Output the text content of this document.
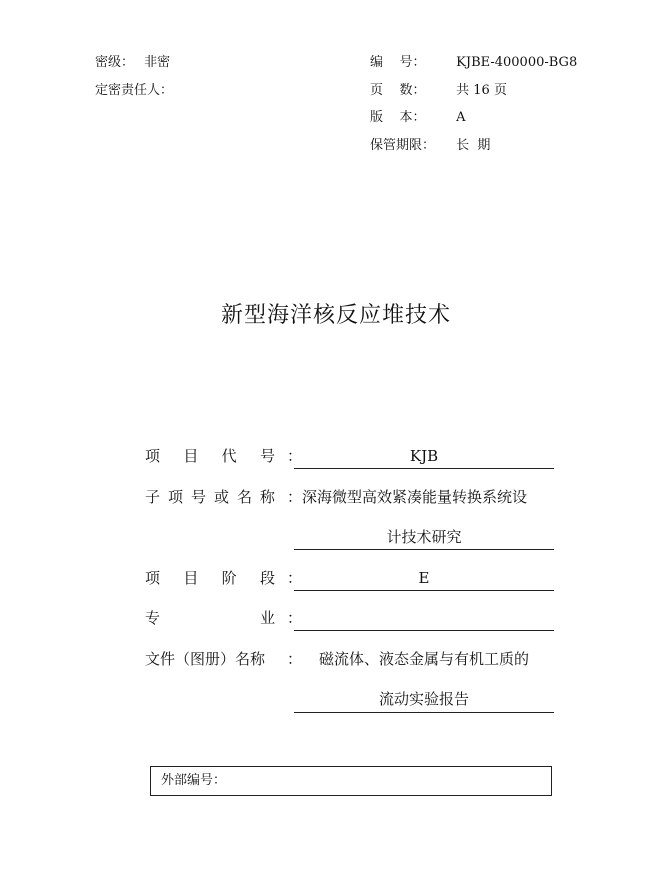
密级： 非密
定密责任人：
编    号： KJBE-400000-BG8
页    数： 共 16 页
版    本： A
保管期限： 长  期
新型海洋核反应堆技术
项 目 代 号 ：	KJB
子 项 号 或 名 称 ： 深海微型高效紧凑能量转换系统设
计技术研究
项 目 阶 段 ：	E
专	业 ：
文件（图册）名称 ：	磁流体、液态金属与有机工质的
流动实验报告
外部编号：
